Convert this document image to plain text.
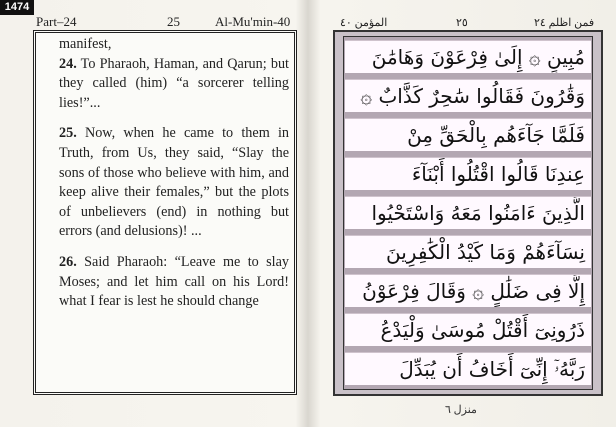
1474
Part–24	25	Al-Mu'min-40

manifest,

24. To Pharaoh, Haman, and Qarun; but they called (him) “a sorcerer telling lies!”...

25. Now, when he came to them in Truth, from Us, they said, “Slay the sons of those who believe with him, and keep alive their females,” but the plots of unbelievers (end) in nothing but errors (and delusions)! ...

26. Said Pharaoh: “Leave me to slay Moses; and let him call on his Lord! what I fear is lest he should change

المؤمن ٤٠	٢٥	فمن اظلم ٢٤
مُبِينٍ ۞ إِلَىٰ فِرْعَوْنَ وَهَامَٰنَ
وَقَٰرُونَ فَقَالُوا سَٰحِرٌ كَذَّابٌ ۞
فَلَمَّا جَآءَهُم بِالْحَقِّ مِنْ
عِندِنَا قَالُوا اقْتُلُوا أَبْنَآءَ
الَّذِينَ ءَامَنُوا مَعَهُ وَاسْتَحْيُوا
نِسَآءَهُمْ وَمَا كَيْدُ الْكَٰفِرِينَ
إِلَّا فِى ضَلَٰلٍ ۞ وَقَالَ فِرْعَوْنُ
ذَرُونِىٓ أَقْتُلْ مُوسَىٰ وَلْيَدْعُ
رَبَّهُۥٓ إِنِّىٓ أَخَافُ أَن يُبَدِّلَ
منزل ٦
